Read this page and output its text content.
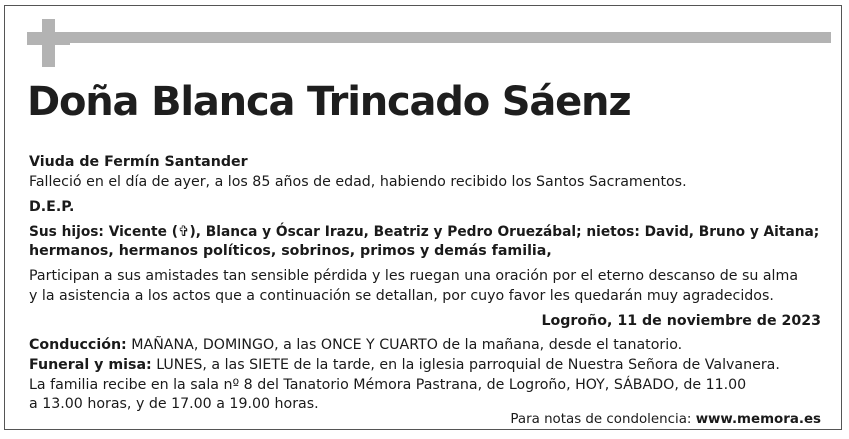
Doña Blanca Trincado Sáenz
Viuda de Fermín Santander
Falleció en el día de ayer, a los 85 años de edad, habiendo recibido los Santos Sacramentos.
D.E.P.
Sus hijos: Vicente (✞), Blanca y Óscar Irazu, Beatriz y Pedro Oruezábal; nietos: David, Bruno y Aitana;
hermanos, hermanos políticos, sobrinos, primos y demás familia,
Participan a sus amistades tan sensible pérdida y les ruegan una oración por el eterno descanso de su alma
y la asistencia a los actos que a continuación se detallan, por cuyo favor les quedarán muy agradecidos.
Logroño, 11 de noviembre de 2023
Conducción: MAÑANA, DOMINGO, a las ONCE Y CUARTO de la mañana, desde el tanatorio.
Funeral y misa: LUNES, a las SIETE de la tarde, en la iglesia parroquial de Nuestra Señora de Valvanera.
La familia recibe en la sala nº 8 del Tanatorio Mémora Pastrana, de Logroño, HOY, SÁBADO, de 11.00
a 13.00 horas, y de 17.00 a 19.00 horas.
Para notas de condolencia: www.memora.es
